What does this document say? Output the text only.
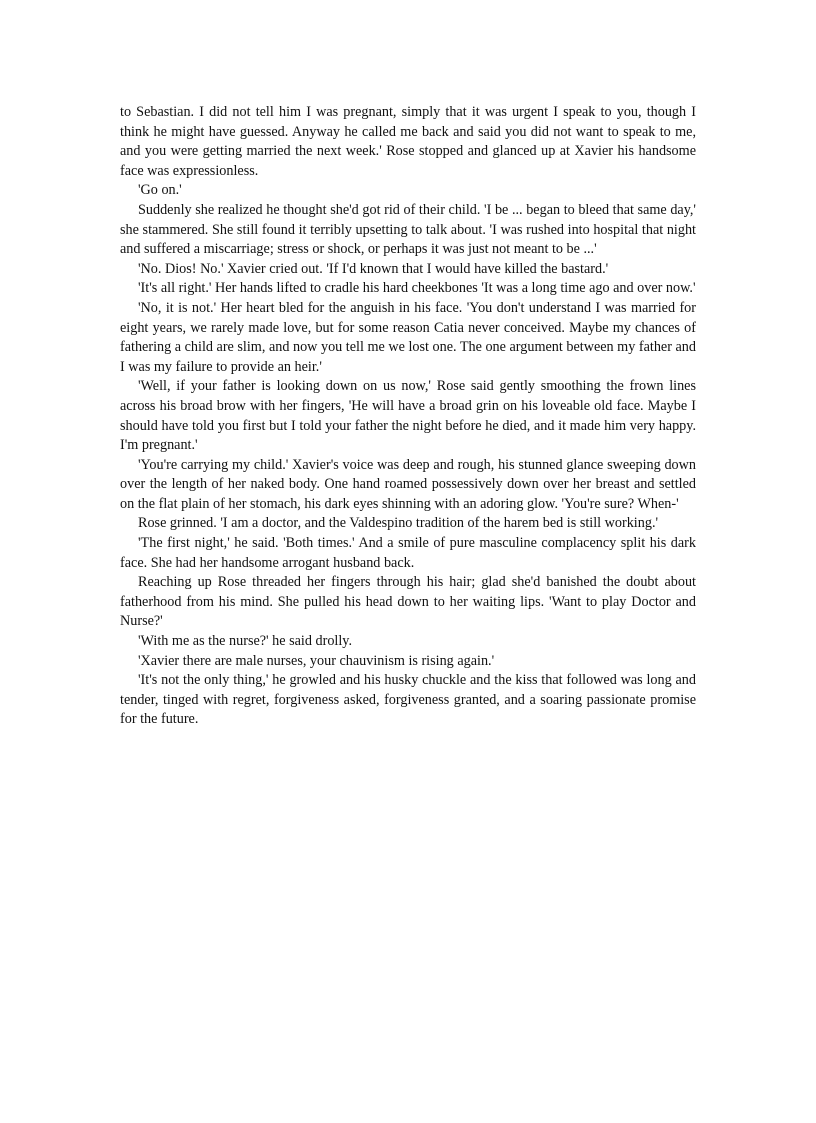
to Sebastian. I did not tell him I was pregnant, simply that it was urgent I speak to you, though I think he might have guessed. Anyway he called me back and said you did not want to speak to me, and you were getting married the next week.' Rose stopped and glanced up at Xavier his handsome face was expressionless.

'Go on.'

Suddenly she realized he thought she'd got rid of their child. 'I be ... began to bleed that same day,' she stammered. She still found it terribly upsetting to talk about. 'I was rushed into hospital that night and suffered a miscarriage; stress or shock, or perhaps it was just not meant to be ...'

'No. Dios! No.' Xavier cried out. 'If I'd known that I would have killed the bastard.'

'It's all right.' Her hands lifted to cradle his hard cheekbones 'It was a long time ago and over now.'

'No, it is not.' Her heart bled for the anguish in his face. 'You don't understand I was married for eight years, we rarely made love, but for some reason Catia never conceived. Maybe my chances of fathering a child are slim, and now you tell me we lost one. The one argument between my father and I was my failure to provide an heir.'

'Well, if your father is looking down on us now,' Rose said gently smoothing the frown lines across his broad brow with her fingers, 'He will have a broad grin on his loveable old face. Maybe I should have told you first but I told your father the night before he died, and it made him very happy. I'm pregnant.'

'You're carrying my child.' Xavier's voice was deep and rough, his stunned glance sweeping down over the length of her naked body. One hand roamed possessively down over her breast and settled on the flat plain of her stomach, his dark eyes shinning with an adoring glow. 'You're sure? When-'

Rose grinned. 'I am a doctor, and the Valdespino tradition of the harem bed is still working.'

'The first night,' he said. 'Both times.' And a smile of pure masculine complacency split his dark face. She had her handsome arrogant husband back.

Reaching up Rose threaded her fingers through his hair; glad she'd banished the doubt about fatherhood from his mind. She pulled his head down to her waiting lips. 'Want to play Doctor and Nurse?'

'With me as the nurse?' he said drolly.

'Xavier there are male nurses, your chauvinism is rising again.'

'It's not the only thing,' he growled and his husky chuckle and the kiss that followed was long and tender, tinged with regret, forgiveness asked, forgiveness granted, and a soaring passionate promise for the future.
